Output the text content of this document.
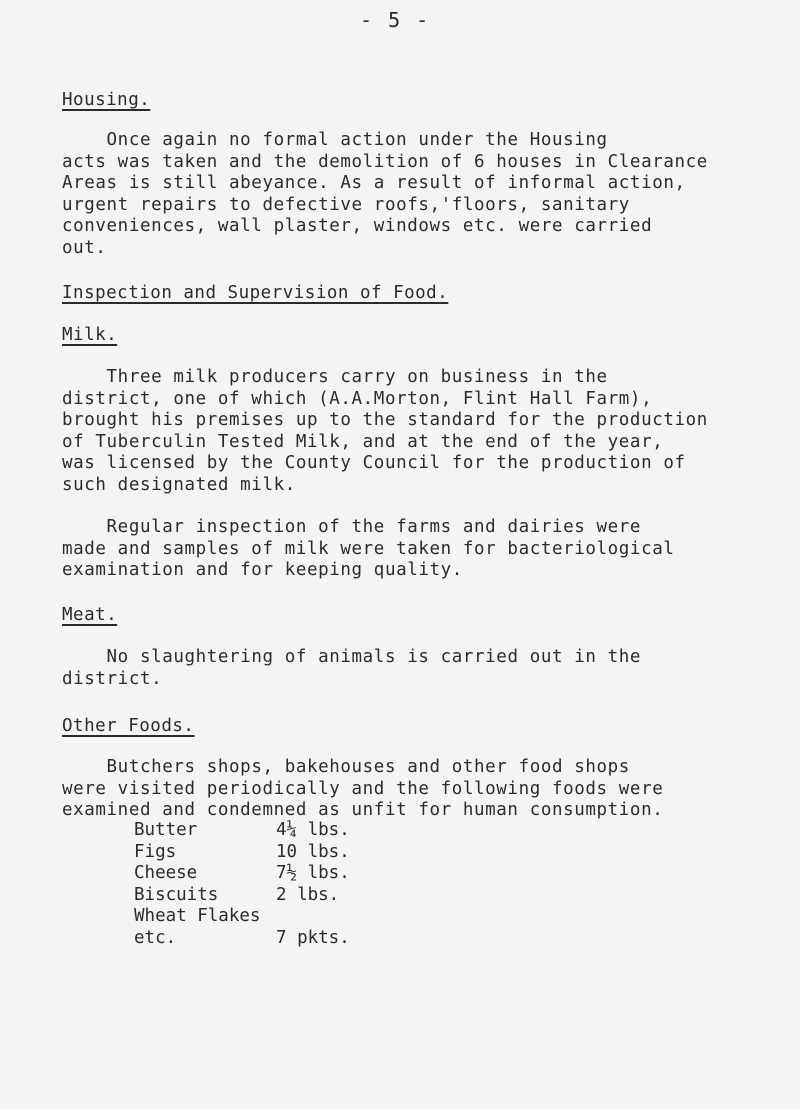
- 5 -
Housing.
Once again no formal action under the Housing
acts was taken and the demolition of 6 houses in Clearance
Areas is still abeyance. As a result of informal action,
urgent repairs to defective roofs,'floors, sanitary
conveniences, wall plaster, windows etc. were carried
out.
Inspection and Supervision of Food.
Milk.
Three milk producers carry on business in the
district, one of which (A.A.Morton, Flint Hall Farm),
brought his premises up to the standard for the production
of Tuberculin Tested Milk, and at the end of the year,
was licensed by the County Council for the production of
such designated milk.
Regular inspection of the farms and dairies were
made and samples of milk were taken for bacteriological
examination and for keeping quality.
Meat.
No slaughtering of animals is carried out in the
district.
Other Foods.
Butchers shops, bakehouses and other food shops
were visited periodically and the following foods were
examined and condemned as unfit for human consumption.
Butter	4¼ lbs.
Figs	10 lbs.
Cheese	7½ lbs.
Biscuits	2 lbs.
Wheat Flakes
etc.	7 pkts.
